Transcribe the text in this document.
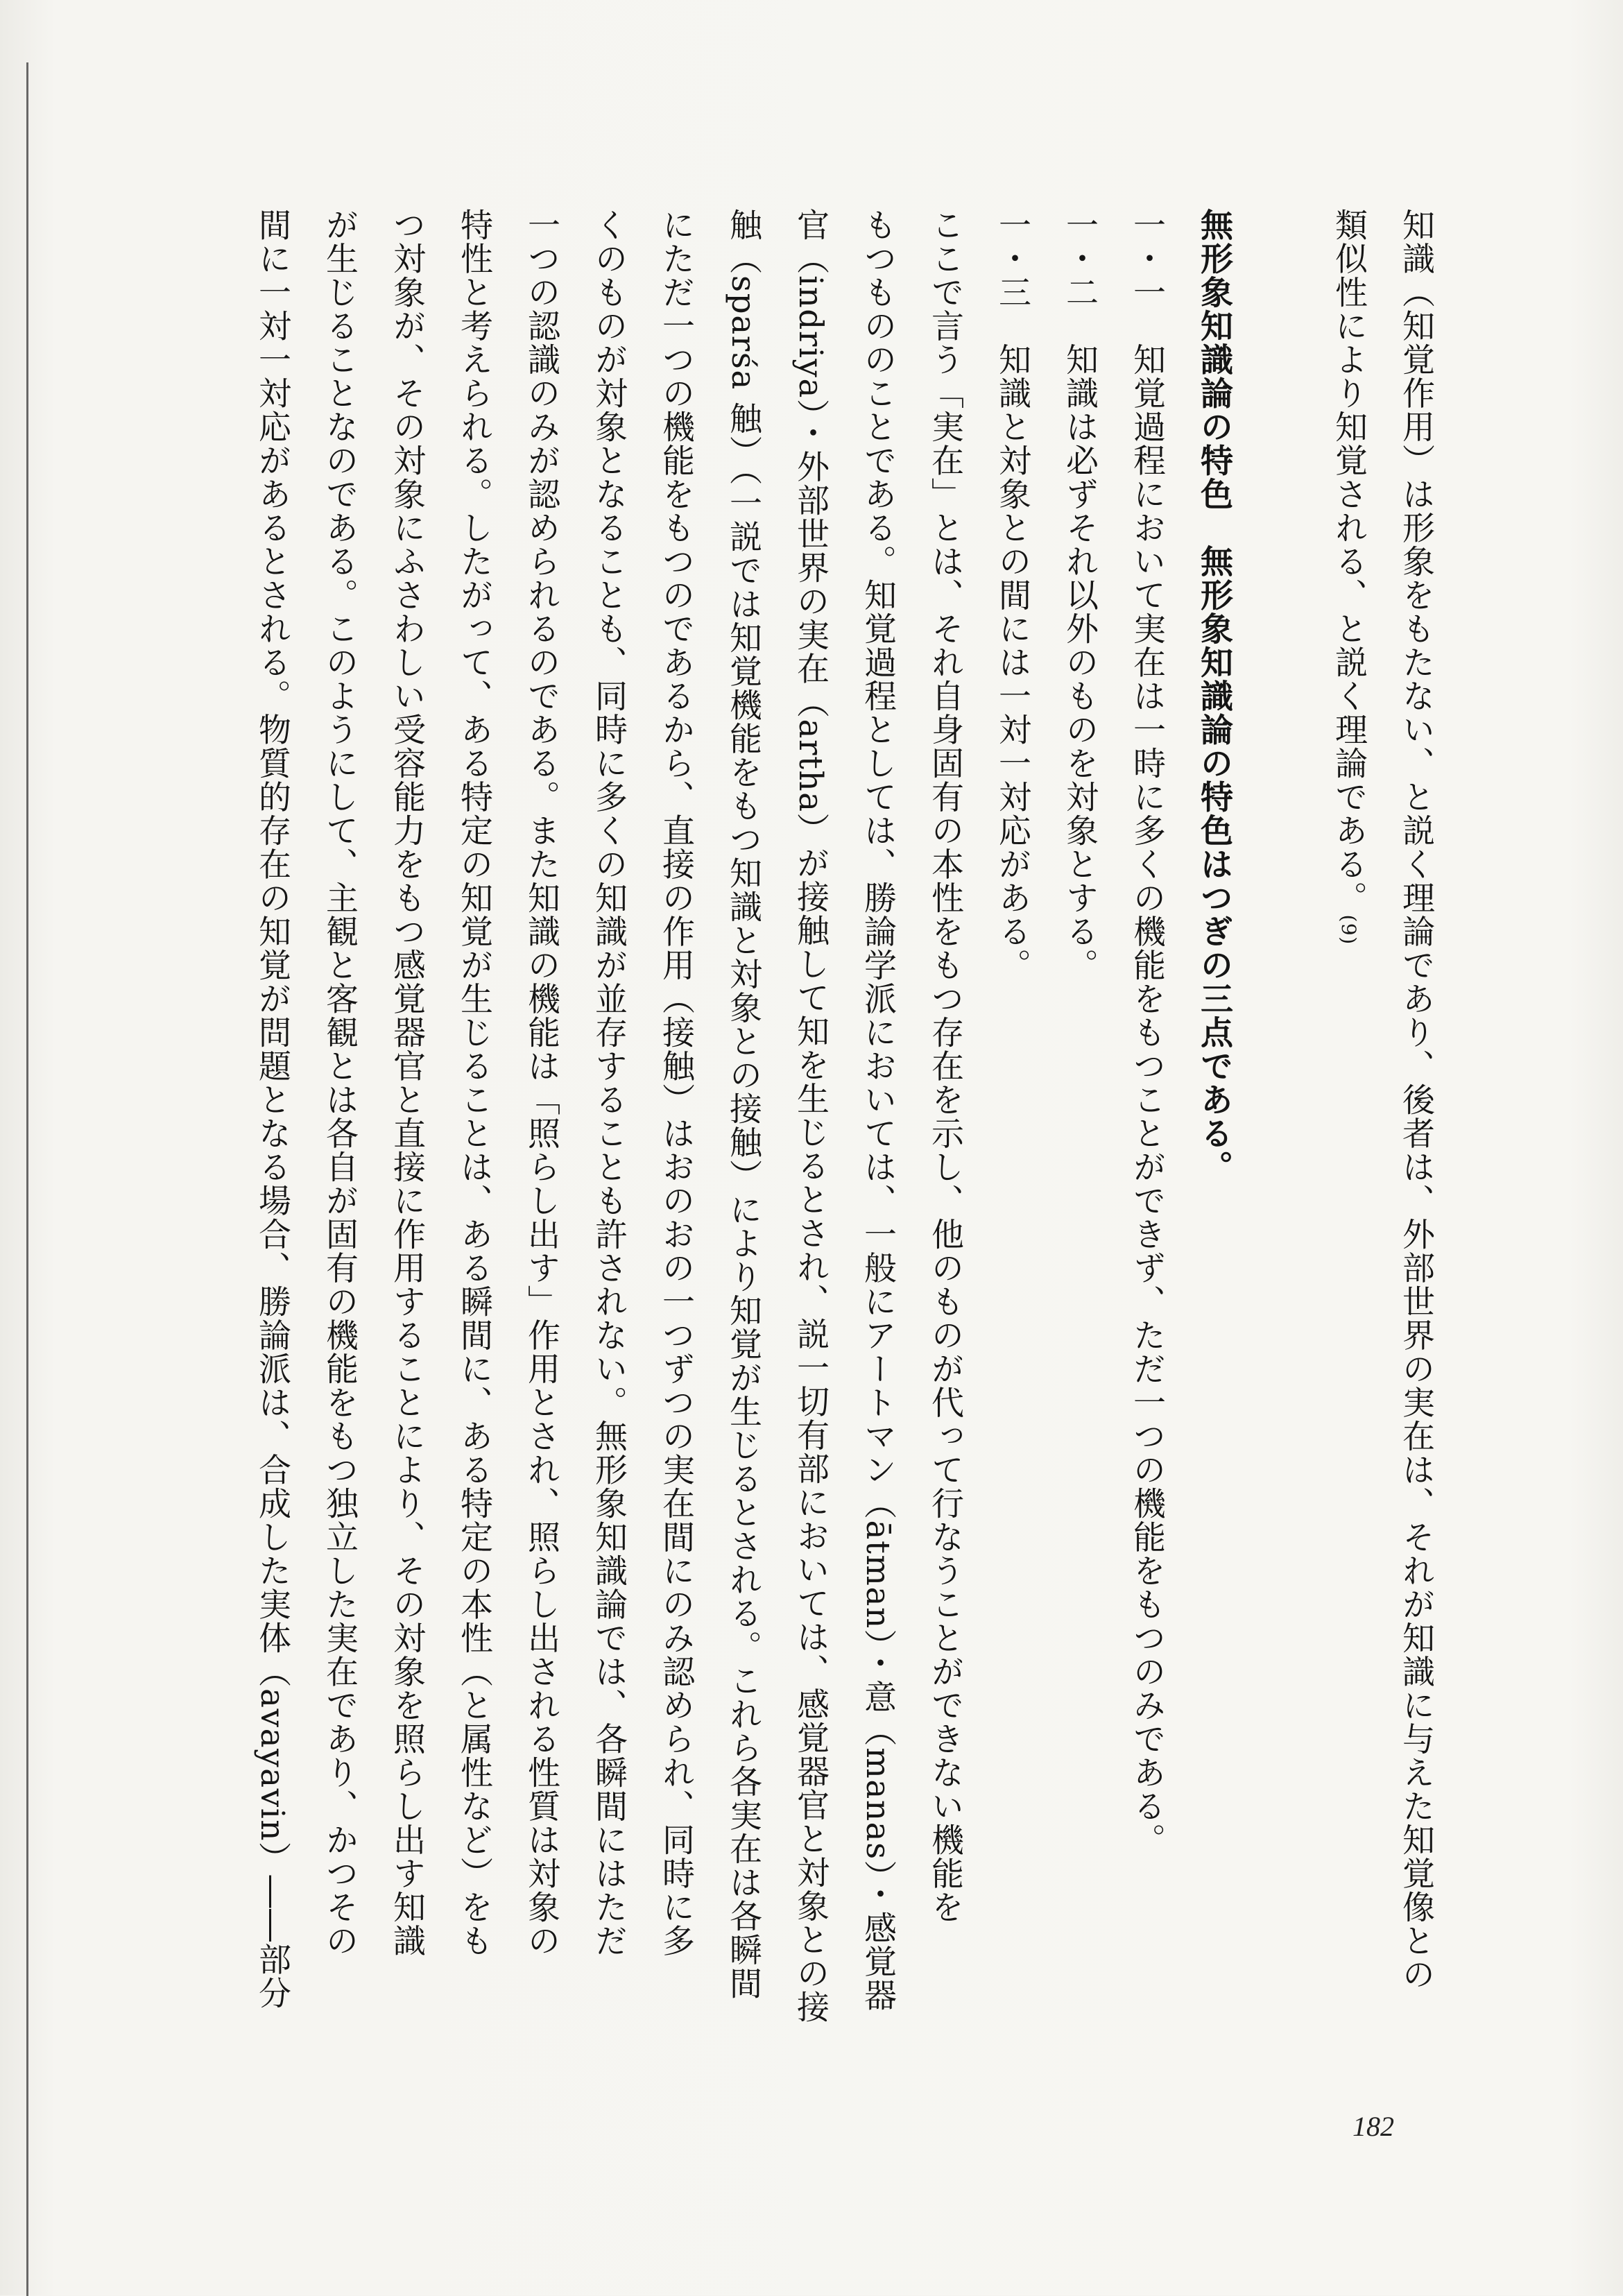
知識（知覚作用）は形象をもたない、と説く理論であり、後者は、外部世界の実在は、それが知識に与えた知覚像との
類似性により知覚される、と説く理論である。(9)
無形象知識論の特色　無形象知識論の特色はつぎの三点である。
一・一　知覚過程において実在は一時に多くの機能をもつことができず、ただ一つの機能をもつのみである。
一・二　知識は必ずそれ以外のものを対象とする。
一・三　知識と対象との間には一対一対応がある。
ここで言う「実在」とは、それ自身固有の本性をもつ存在を示し、他のものが代って行なうことができない機能を
もつもののことである。知覚過程としては、勝論学派においては、一般にアートマン（ātman）・意（manas）・感覚器
官（indriya）・外部世界の実在（artha）が接触して知を生じるとされ、説一切有部においては、感覚器官と対象との接
触（sparśa 触）（一説では知覚機能をもつ知識と対象との接触）により知覚が生じるとされる。これら各実在は各瞬間
にただ一つの機能をもつのであるから、直接の作用（接触）はおのおの一つずつの実在間にのみ認められ、同時に多
くのものが対象となることも、同時に多くの知識が並存することも許されない。無形象知識論では、各瞬間にはただ
一つの認識のみが認められるのである。また知識の機能は「照らし出す」作用とされ、照らし出される性質は対象の
特性と考えられる。したがって、ある特定の知覚が生じることは、ある瞬間に、ある特定の本性（と属性など）をも
つ対象が、その対象にふさわしい受容能力をもつ感覚器官と直接に作用することにより、その対象を照らし出す知識
が生じることなのである。このようにして、主観と客観とは各自が固有の機能をもつ独立した実在であり、かつその
間に一対一対応があるとされる。物質的存在の知覚が問題となる場合、勝論派は、合成した実体（avayavin）――部分
182
